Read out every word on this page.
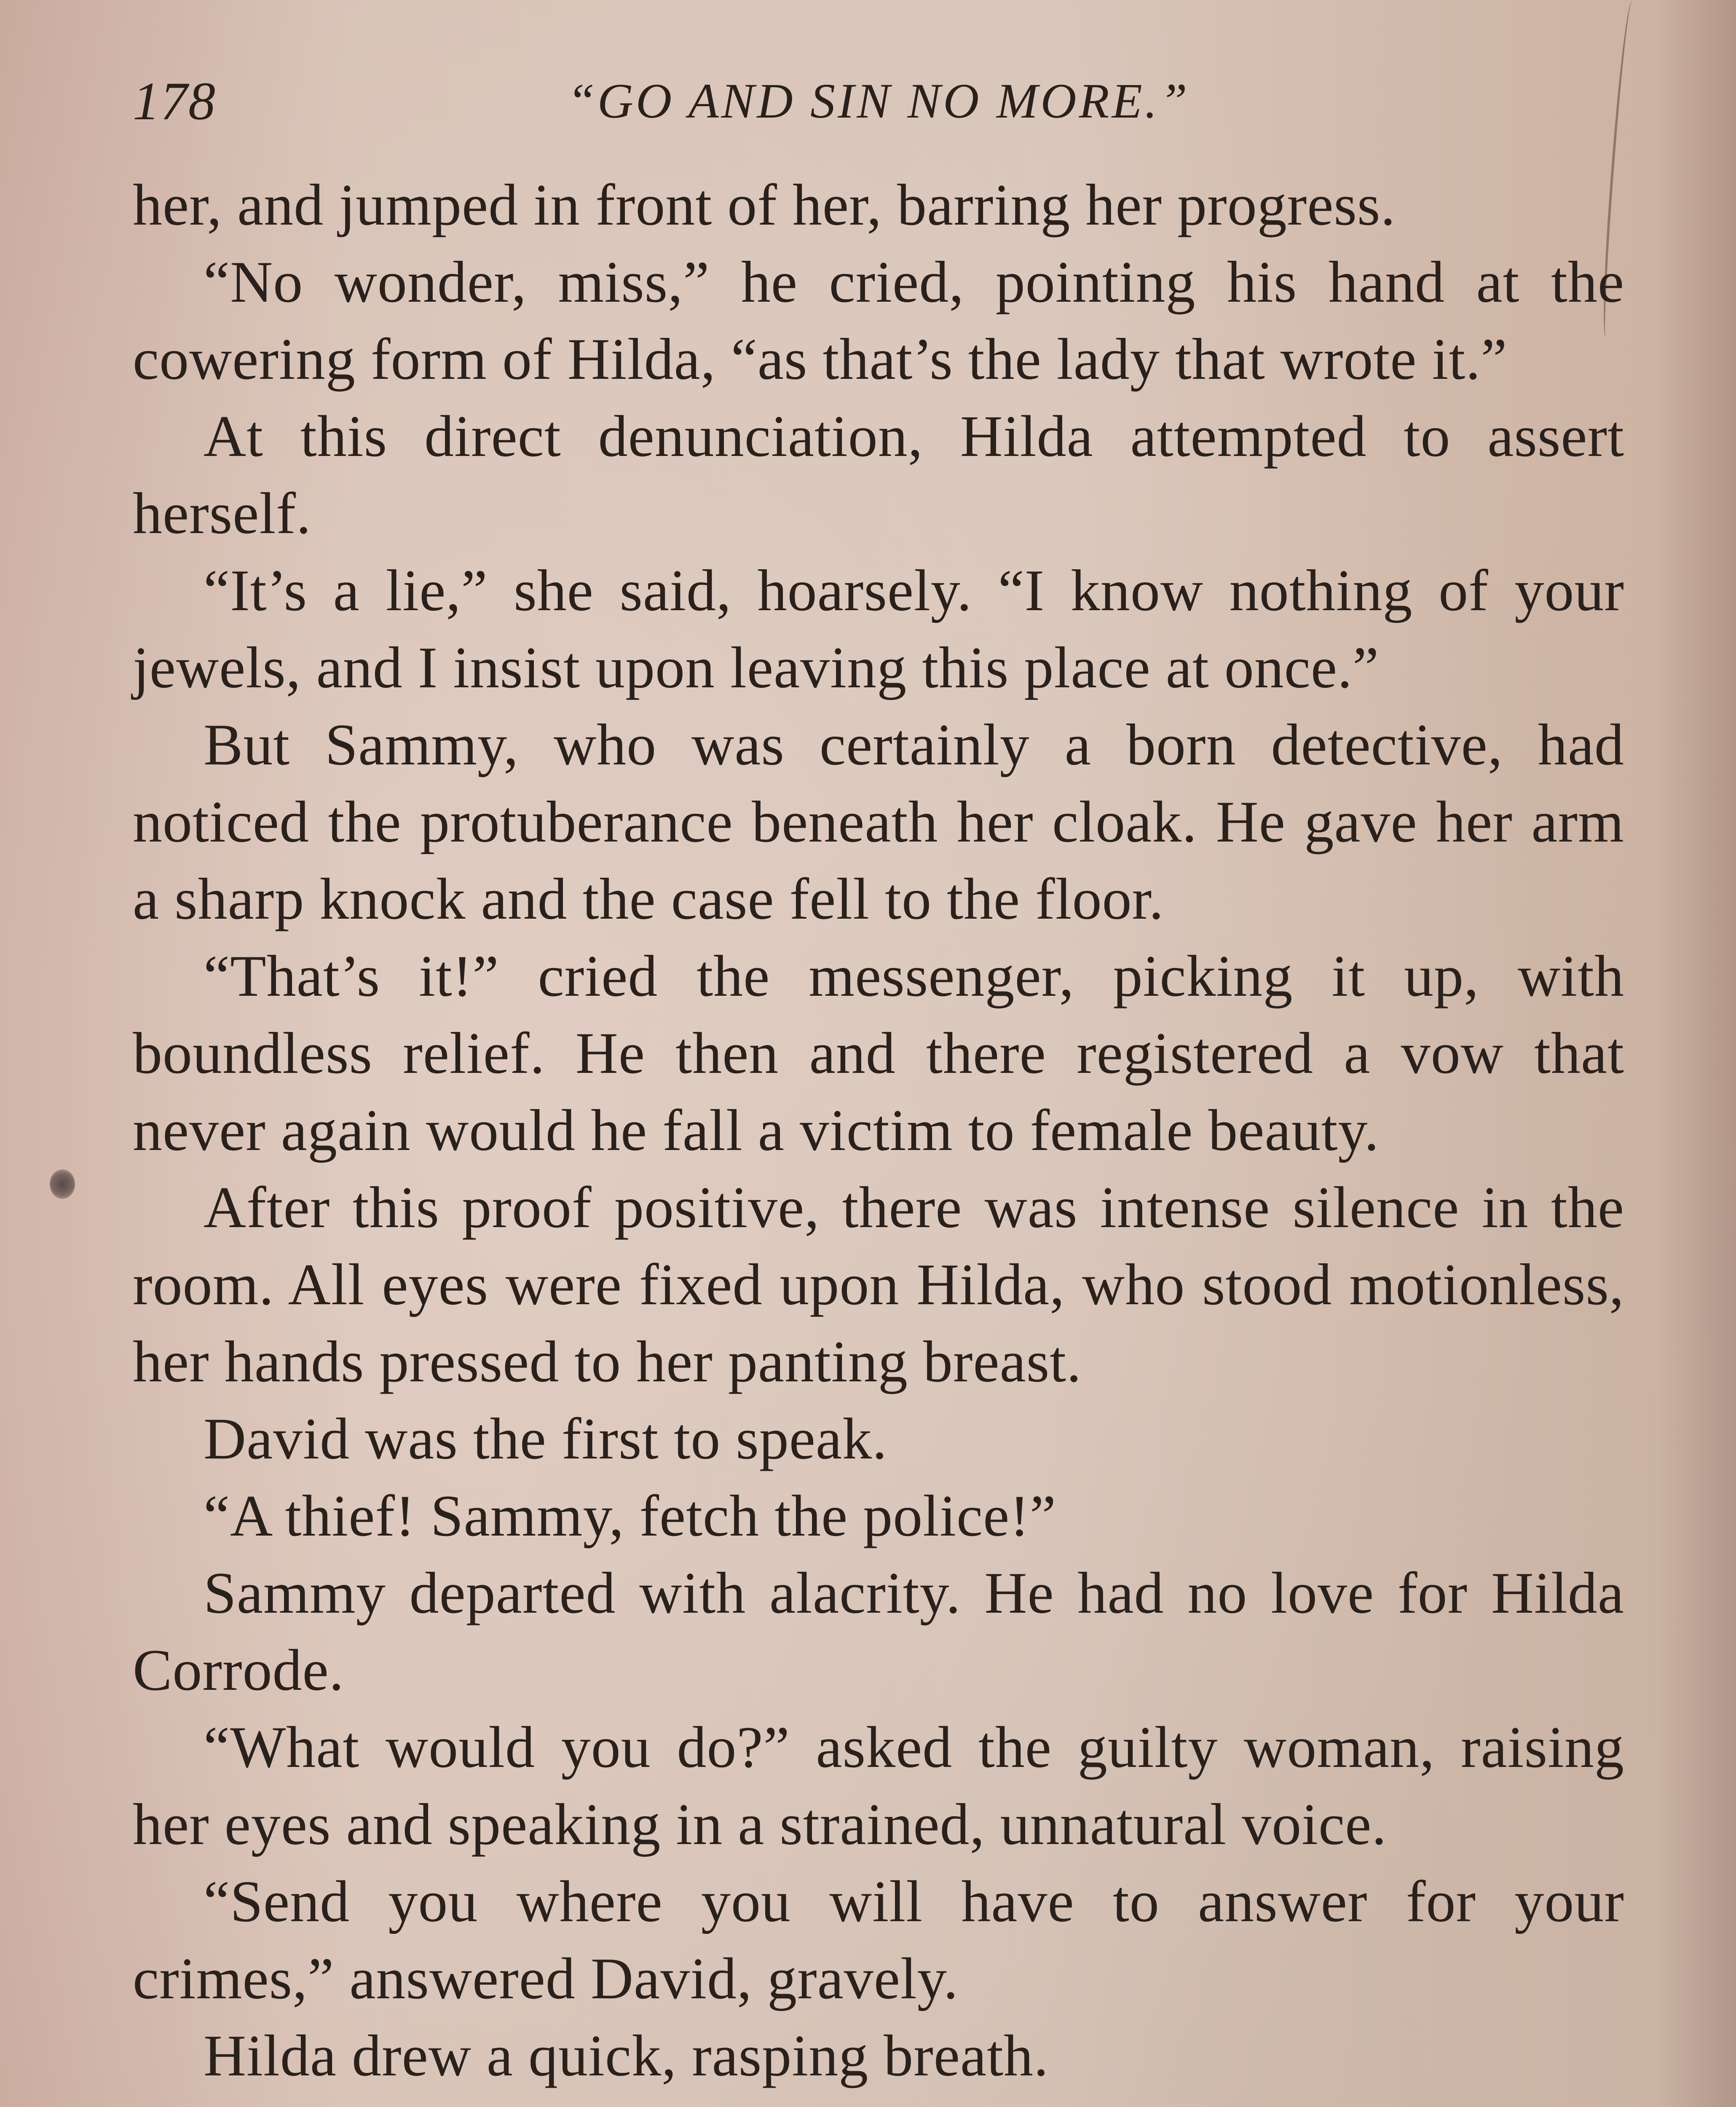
178	“GO AND SIN NO MORE.”

her, and jumped in front of her, barring her progress.

“No wonder, miss,” he cried, pointing his hand at the cowering form of Hilda, “as that’s the lady that wrote it.”

At this direct denunciation, Hilda attempted to assert herself.

“It’s a lie,” she said, hoarsely. “I know nothing of your jewels, and I insist upon leaving this place at once.”

But Sammy, who was certainly a born detective, had noticed the protuberance beneath her cloak. He gave her arm a sharp knock and the case fell to the floor.

“That’s it!” cried the messenger, picking it up, with boundless relief. He then and there registered a vow that never again would he fall a victim to female beauty.

After this proof positive, there was intense silence in the room. All eyes were fixed upon Hilda, who stood motionless, her hands pressed to her panting breast.

David was the first to speak.

“A thief! Sammy, fetch the police!”

Sammy departed with alacrity. He had no love for Hilda Corrode.

“What would you do?” asked the guilty woman, raising her eyes and speaking in a strained, unnatural voice.

“Send you where you will have to answer for your crimes,” answered David, gravely.

Hilda drew a quick, rasping breath.
